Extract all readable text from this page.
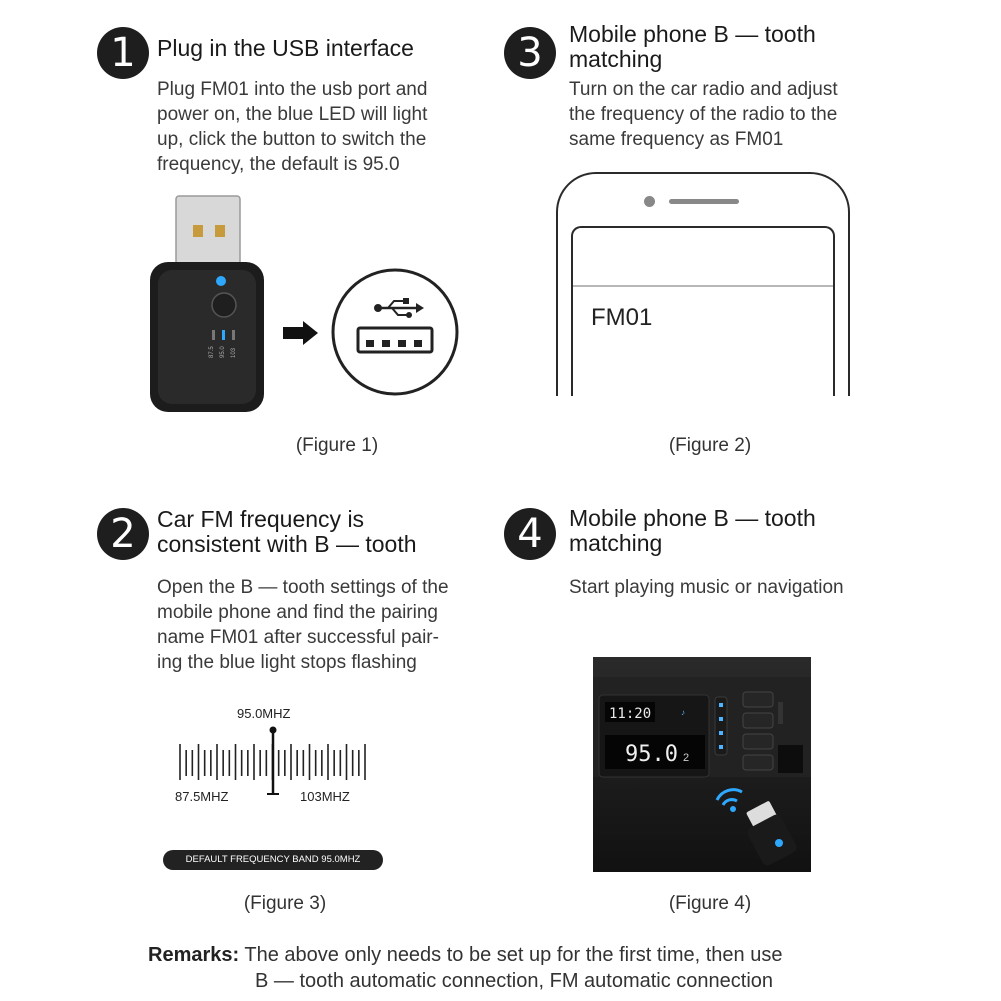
1 Plug in the USB interface
Plug FM01 into the usb port and
power on, the blue LED will light
up, click the button to switch the
frequency, the default is 95.0
87.5 95.0 103
(Figure 1)
3	Mobile phone B — tooth
matching
Turn on the car radio and adjust
the frequency of the radio to the
same frequency as FM01
FM01
(Figure 2)
2 Car FM frequency is
consistent with B — tooth
Open the B — tooth settings of the
mobile phone and find the pairing
name FM01 after successful pair-
ing the blue light stops flashing
95.0MHZ
87.5MHZ	103MHZ
DEFAULT FREQUENCY BAND 95.0MHZ
(Figure 3)
4	Mobile phone B — tooth
matching
Start playing music or navigation
11:20	♪
95.0 2
(Figure 4)
Remarks: The above only needs to be set up for the first time, then use
B — tooth automatic connection, FM automatic connection
